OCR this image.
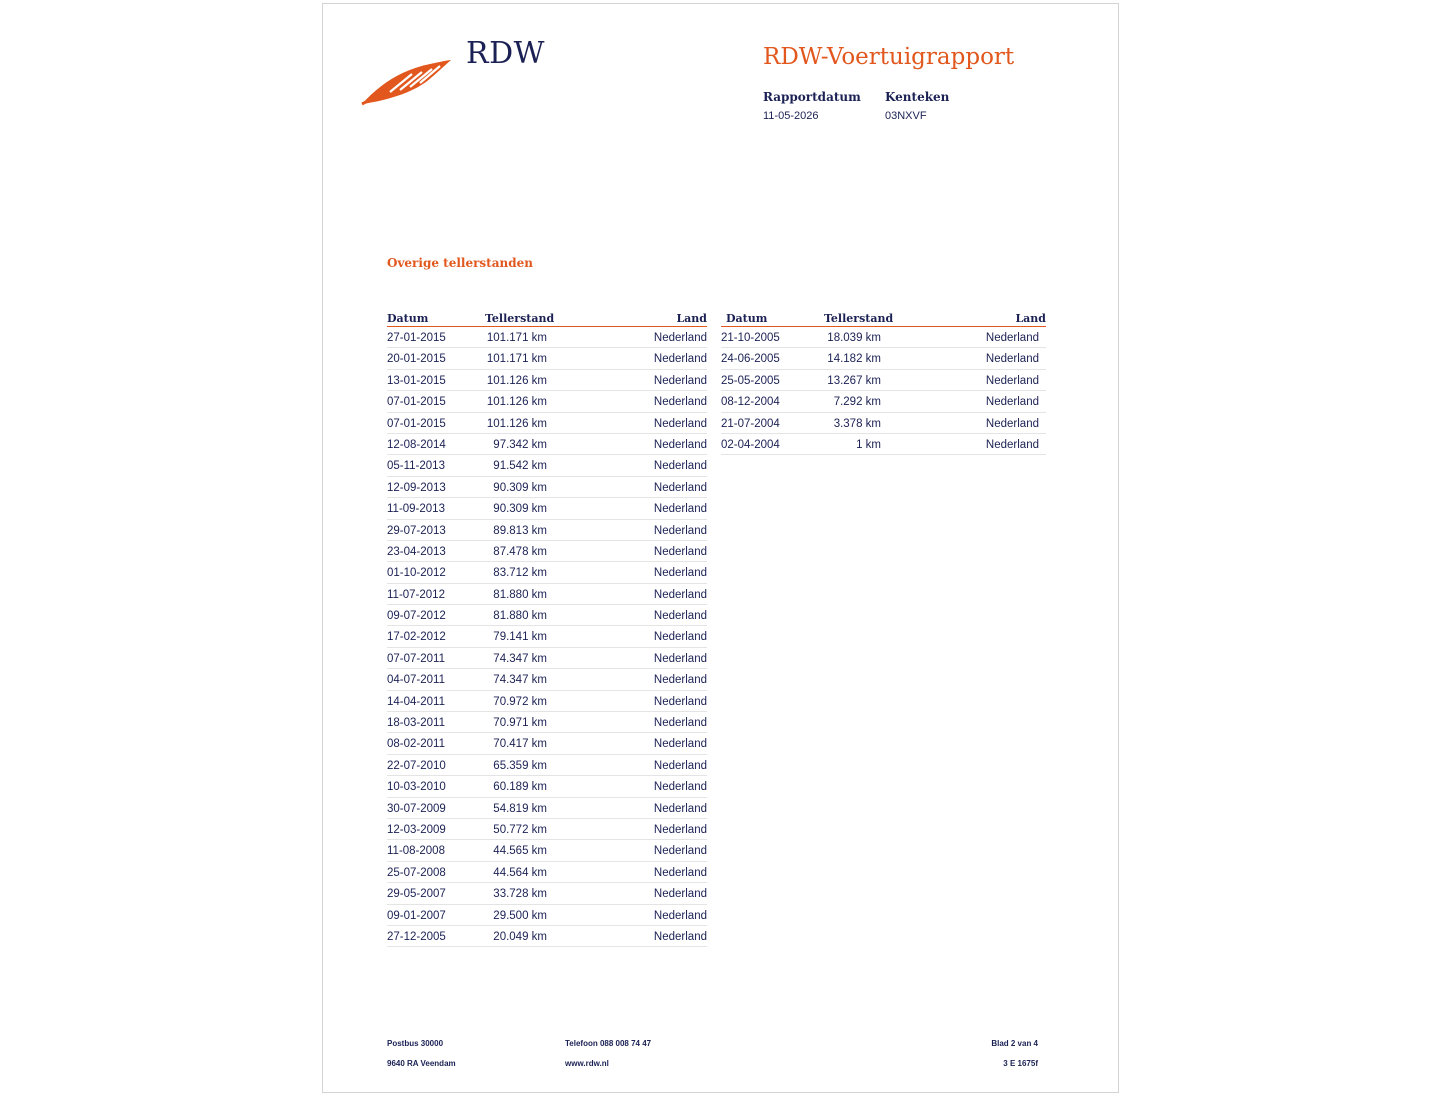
RDW	RDW-Voertuigrapport
Rapportdatum
11-05-2026
Kenteken
03NXVF
Overige tellerstanden
Datum	Tellerstand	Land
27-01-2015	101.171 km	Nederland
20-01-2015	101.171 km	Nederland
13-01-2015	101.126 km	Nederland
07-01-2015	101.126 km	Nederland
07-01-2015	101.126 km	Nederland
12-08-2014	97.342 km	Nederland
05-11-2013	91.542 km	Nederland
12-09-2013	90.309 km	Nederland
11-09-2013	90.309 km	Nederland
29-07-2013	89.813 km	Nederland
23-04-2013	87.478 km	Nederland
01-10-2012	83.712 km	Nederland
11-07-2012	81.880 km	Nederland
09-07-2012	81.880 km	Nederland
17-02-2012	79.141 km	Nederland
07-07-2011	74.347 km	Nederland
04-07-2011	74.347 km	Nederland
14-04-2011	70.972 km	Nederland
18-03-2011	70.971 km	Nederland
08-02-2011	70.417 km	Nederland
22-07-2010	65.359 km	Nederland
10-03-2010	60.189 km	Nederland
30-07-2009	54.819 km	Nederland
12-03-2009	50.772 km	Nederland
11-08-2008	44.565 km	Nederland
25-07-2008	44.564 km	Nederland
29-05-2007	33.728 km	Nederland
09-01-2007	29.500 km	Nederland
27-12-2005	20.049 km	Nederland
Datum	Tellerstand	Land
21-10-2005	18.039 km	Nederland
24-06-2005	14.182 km	Nederland
25-05-2005	13.267 km	Nederland
08-12-2004	7.292 km	Nederland
21-07-2004	3.378 km	Nederland
02-04-2004	1 km	Nederland
Postbus 30000
9640 RA Veendam
Telefoon 088 008 74 47
www.rdw.nl
Blad 2 van 4
3 E 1675f
